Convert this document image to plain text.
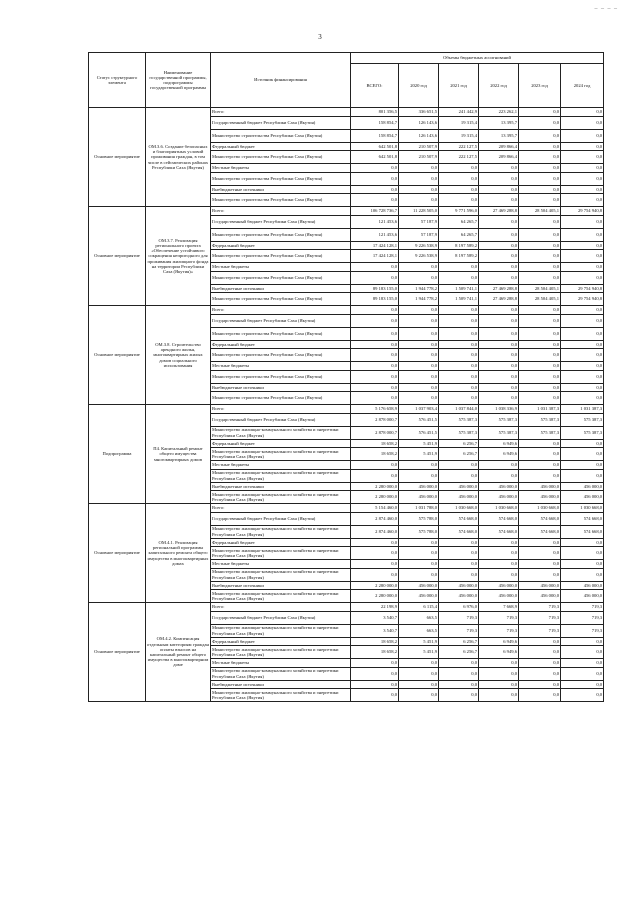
_ _ _ _
3
Статус структурного элемента	Наименование государственной программы, подпрограммы государственной программы	Источник финансирования	Объемы бюджетных ассигнований					
			ВСЕГО:	2020 год	2021 год	2022 год	2023 год	2024 год
Основное мероприятие	ОМ.3.6. Создание безопасных и благоприятных условий проживания граждан, в том числе в сейсмических районах Республики Саха (Якутия)	Всего:	801 356,5	336 651,5	241 442,9	223 262,1	0,0	0,0
		Государственный бюджет Республики Саха (Якутия)	158 854,7	126 143,6	19 315,4	13 395,7	0,0	0,0
		Министерство строительства Республики Саха (Якутия)	158 854,7	126 143,6	19 315,4	13 395,7	0,0	0,0
		Федеральный бюджет	642 501,8	210 507,9	222 127,5	209 866,4	0,0	0,0
		Министерство строительства Республики Саха (Якутия)	642 501,8	210 507,9	222 127,5	209 866,4	0,0	0,0
		Местные бюджеты	0,0	0,0	0,0	0,0	0,0	0,0
		Министерство строительства Республики Саха (Якутия)	0,0	0,0	0,0	0,0	0,0	0,0
		Внебюджетные источники	0,0	0,0	0,0	0,0	0,0	0,0
		Министерство строительства Республики Саха (Якутия)	0,0	0,0	0,0	0,0	0,0	0,0
Основное мероприятие	ОМ.3.7. Реализация регионального проекта «Обеспечение устойчивого сокращения непригодного для проживания жилищного фонда на территории Республики Саха (Якутия)»	Всего:	106 728 736,7	11 228 505,0	9 771 596,0	27 469 288,8	28 504 405,1	29 754 940,8
		Государственный бюджет Республики Саха (Якутия)	121 453,6	57 187,9	64 265,7	0,0	0,0	0,0
		Министерство строительства Республики Саха (Якутия)	121 453,6	57 187,9	64 265,7	0,0	0,0	0,0
		Федеральный бюджет	17 424 128,1	9 226 538,9	8 197 589,2	0,0	0,0	0,0
		Министерство строительства Республики Саха (Якутия)	17 424 128,1	9 226 538,9	8 197 589,2	0,0	0,0	0,0
		Местные бюджеты	0,0	0,0	0,0	0,0	0,0	0,0
		Министерство строительства Республики Саха (Якутия)	0,0	0,0	0,0	0,0	0,0	0,0
		Внебюджетные источники	89 183 155,0	1 944 778,2	1 509 741,1	27 469 288,8	28 504 405,1	29 754 940,8
		Министерство строительства Республики Саха (Якутия)	89 183 155,0	1 944 778,2	1 509 741,1	27 469 288,8	28 504 405,1	29 754 940,8
Основное мероприятие	ОМ.3.8. Строительство арендного жилья, многоквартирных жилых домов социального использования	Всего:	0,0	0,0	0,0	0,0	0,0	0,0
		Государственный бюджет Республики Саха (Якутия)	0,0	0,0	0,0	0,0	0,0	0,0
		Министерство строительства Республики Саха (Якутия)	0,0	0,0	0,0	0,0	0,0	0,0
		Федеральный бюджет	0,0	0,0	0,0	0,0	0,0	0,0
		Министерство строительства Республики Саха (Якутия)	0,0	0,0	0,0	0,0	0,0	0,0
		Местные бюджеты	0,0	0,0	0,0	0,0	0,0	0,0
		Министерство строительства Республики Саха (Якутия)	0,0	0,0	0,0	0,0	0,0	0,0
		Внебюджетные источники	0,0	0,0	0,0	0,0	0,0	0,0
		Министерство строительства Республики Саха (Якутия)	0,0	0,0	0,0	0,0	0,0	0,0
Подпрограмма	П4. Капитальный ремонт общего имущества многоквартирных домов	Всего:	5 176 658,9	1 037 903,4	1 037 844,0	1 038 336,9	1 031 387,3	1 031 387,3
		Государственный бюджет Республики Саха (Якутия)	2 878 000,7	576 451,5	575 387,3	575 387,3	575 387,3	575 387,3
		Министерство жилищно-коммунального хозяйства и энергетики Республики Саха (Якутия)	2 878 000,7	576 451,5	575 387,3	575 387,3	575 387,3	575 387,3
		Федеральный бюджет	18 658,2	5 451,9	6 256,7	6 949,6	0,0	0,0
		Министерство жилищно-коммунального хозяйства и энергетики Республики Саха (Якутия)	18 658,2	5 451,9	6 256,7	6 949,6	0,0	0,0
		Местные бюджеты	0,0	0,0	0,0	0,0	0,0	0,0
		Министерство жилищно-коммунального хозяйства и энергетики Республики Саха (Якутия)	0,0	0,0	0,0	0,0	0,0	0,0
		Внебюджетные источники	2 280 000,0	456 000,0	456 000,0	456 000,0	456 000,0	456 000,0
		Министерство жилищно-коммунального хозяйства и энергетики Республики Саха (Якутия)	2 280 000,0	456 000,0	456 000,0	456 000,0	456 000,0	456 000,0
Основное мероприятие	ОМ.4.1. Реализация региональной программы капитального ремонта общего имущества в многоквартирных домах	Всего:	5 154 460,0	1 031 788,0	1 030 668,0	1 030 668,0	1 030 668,0	1 030 668,0
		Государственный бюджет Республики Саха (Якутия)	2 874 460,0	575 788,0	574 668,0	574 668,0	574 668,0	574 668,0
		Министерство жилищно-коммунального хозяйства и энергетики Республики Саха (Якутия)	2 874 460,0	575 788,0	574 668,0	574 668,0	574 668,0	574 668,0
		Федеральный бюджет	0,0	0,0	0,0	0,0	0,0	0,0
		Министерство жилищно-коммунального хозяйства и энергетики Республики Саха (Якутия)	0,0	0,0	0,0	0,0	0,0	0,0
		Местные бюджеты	0,0	0,0	0,0	0,0	0,0	0,0
		Министерство жилищно-коммунального хозяйства и энергетики Республики Саха (Якутия)	0,0	0,0	0,0	0,0	0,0	0,0
		Внебюджетные источники	2 280 000,0	456 000,0	456 000,0	456 000,0	456 000,0	456 000,0
		Министерство жилищно-коммунального хозяйства и энергетики Республики Саха (Якутия)	2 280 000,0	456 000,0	456 000,0	456 000,0	456 000,0	456 000,0
Основное мероприятие	ОМ.4.2. Компенсация отдельным категориям граждан оплаты взносов на капитальный ремонт общего имущества в многоквартирном доме	Всего:	22 198,9	6 115,4	6 976,0	7 668,9	719,3	719,3
		Государственный бюджет Республики Саха (Якутия)	3 540,7	663,5	719,3	719,3	719,3	719,3
		Министерство жилищно-коммунального хозяйства и энергетики Республики Саха (Якутия)	3 540,7	663,5	719,3	719,3	719,3	719,3
		Федеральный бюджет	18 658,2	5 451,9	6 256,7	6 949,6	0,0	0,0
		Министерство жилищно-коммунального хозяйства и энергетики Республики Саха (Якутия)	18 658,2	5 451,9	6 256,7	6 949,6	0,0	0,0
		Местные бюджеты	0,0	0,0	0,0	0,0	0,0	0,0
		Министерство жилищно-коммунального хозяйства и энергетики Республики Саха (Якутия)	0,0	0,0	0,0	0,0	0,0	0,0
		Внебюджетные источники	0,0	0,0	0,0	0,0	0,0	0,0
		Министерство жилищно-коммунального хозяйства и энергетики Республики Саха (Якутия)	0,0	0,0	0,0	0,0	0,0	0,0
